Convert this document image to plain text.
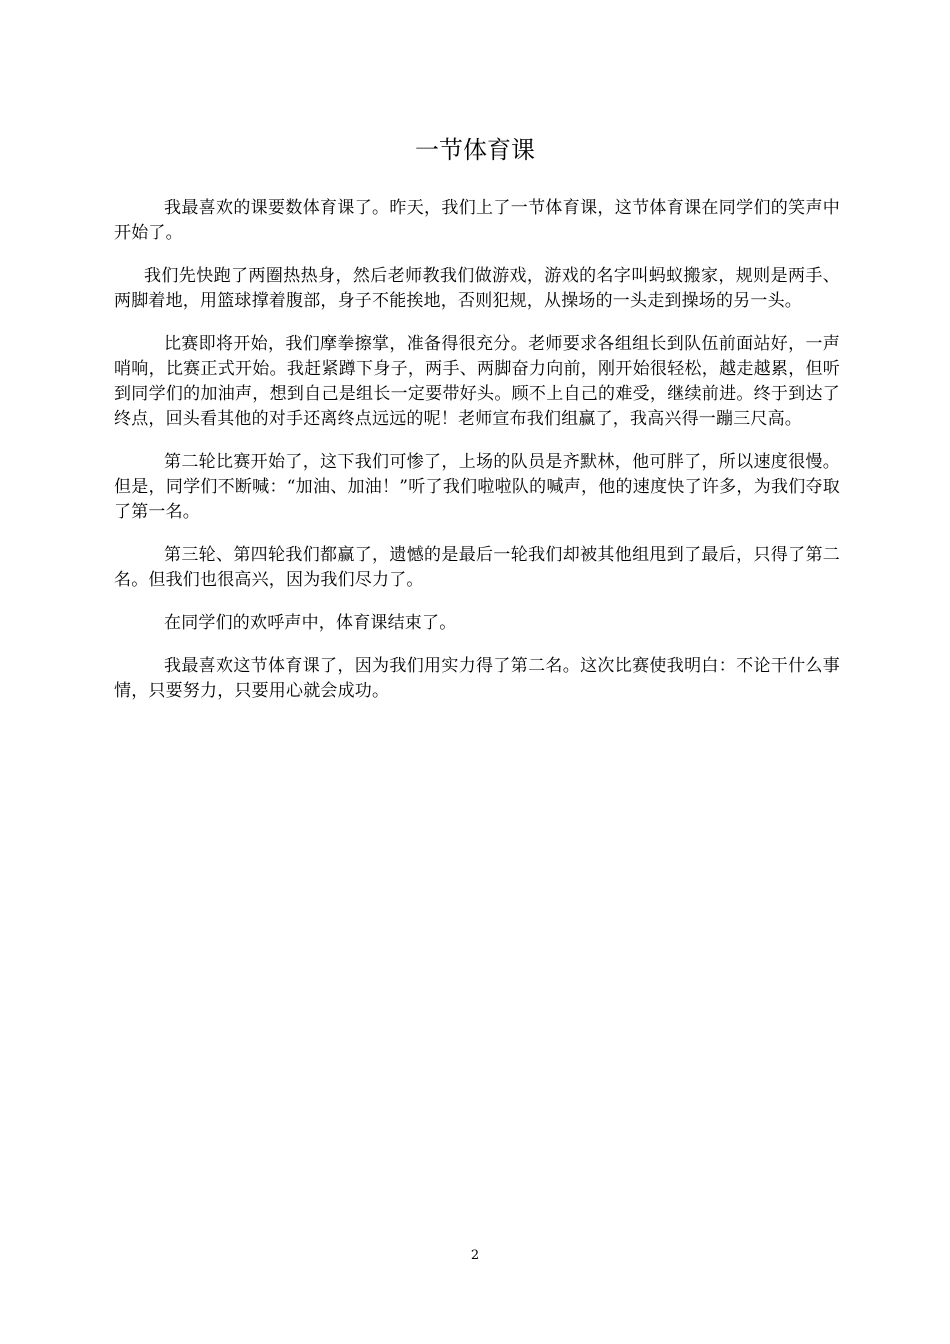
一节体育课

我最喜欢的课要数体育课了。昨天，我们上了一节体育课，这节体育课在同学们的笑声中开始了。

我们先快跑了两圈热热身，然后老师教我们做游戏，游戏的名字叫蚂蚁搬家，规则是两手、两脚着地，用篮球撑着腹部，身子不能挨地，否则犯规，从操场的一头走到操场的另一头。

比赛即将开始，我们摩拳擦掌，准备得很充分。老师要求各组组长到队伍前面站好，一声哨响，比赛正式开始。我赶紧蹲下身子，两手、两脚奋力向前，刚开始很轻松，越走越累，但听到同学们的加油声，想到自己是组长一定要带好头。顾不上自己的难受，继续前进。终于到达了终点，回头看其他的对手还离终点远远的呢！老师宣布我们组赢了，我高兴得一蹦三尺高。

第二轮比赛开始了，这下我们可惨了，上场的队员是齐默林，他可胖了，所以速度很慢。但是，同学们不断喊：“加油、加油！”听了我们啦啦队的喊声，他的速度快了许多，为我们夺取了第一名。

第三轮、第四轮我们都赢了，遗憾的是最后一轮我们却被其他组甩到了最后，只得了第二名。但我们也很高兴，因为我们尽力了。

在同学们的欢呼声中，体育课结束了。

我最喜欢这节体育课了，因为我们用实力得了第二名。这次比赛使我明白：不论干什么事情，只要努力，只要用心就会成功。

2
